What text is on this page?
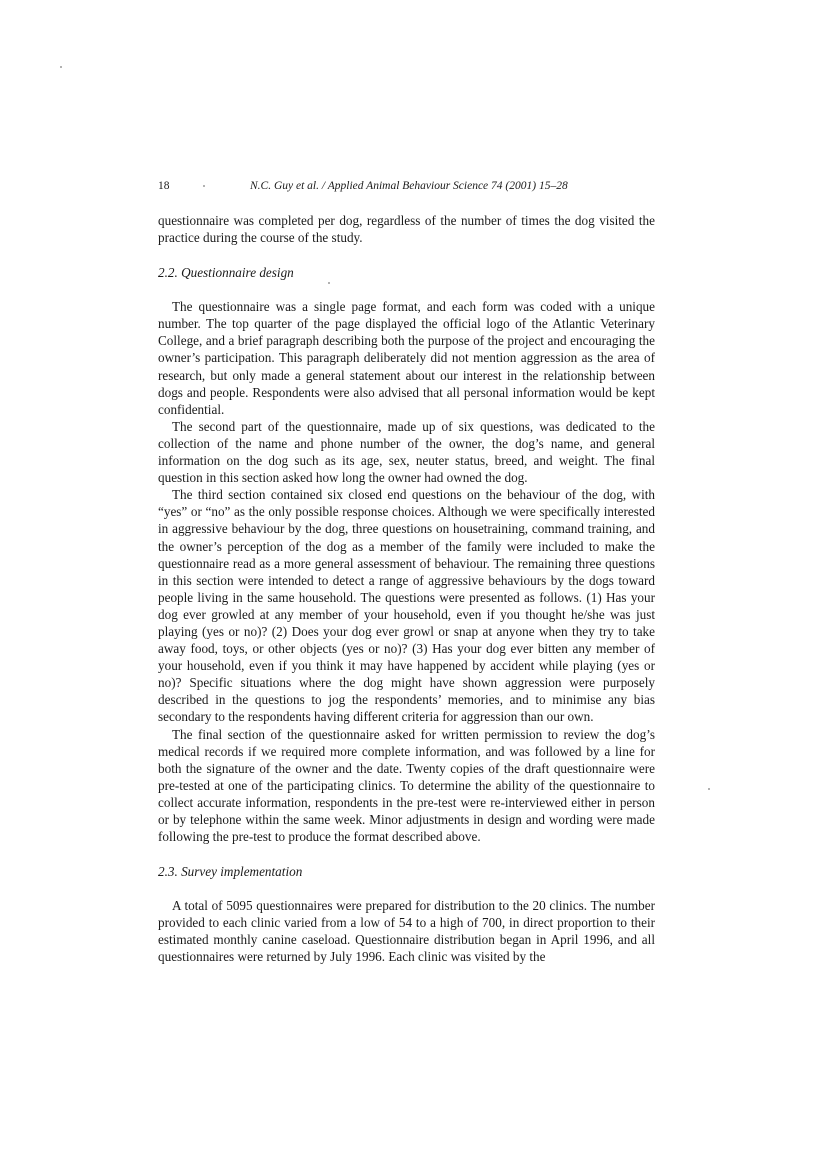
18	N.C. Guy et al. / Applied Animal Behaviour Science 74 (2001) 15–28

questionnaire was completed per dog, regardless of the number of times the dog visited the practice during the course of the study.

2.2. Questionnaire design

The questionnaire was a single page format, and each form was coded with a unique number. The top quarter of the page displayed the official logo of the Atlantic Veterinary College, and a brief paragraph describing both the purpose of the project and encouraging the owner’s participation. This paragraph deliberately did not mention aggression as the area of research, but only made a general statement about our interest in the relationship between dogs and people. Respondents were also advised that all personal information would be kept confidential.

The second part of the questionnaire, made up of six questions, was dedicated to the collection of the name and phone number of the owner, the dog’s name, and general information on the dog such as its age, sex, neuter status, breed, and weight. The final question in this section asked how long the owner had owned the dog.

The third section contained six closed end questions on the behaviour of the dog, with “yes” or “no” as the only possible response choices. Although we were specifically interested in aggressive behaviour by the dog, three questions on housetraining, command training, and the owner’s perception of the dog as a member of the family were included to make the questionnaire read as a more general assessment of behaviour. The remaining three questions in this section were intended to detect a range of aggressive behaviours by the dogs toward people living in the same household. The questions were presented as follows. (1) Has your dog ever growled at any member of your household, even if you thought he/she was just playing (yes or no)? (2) Does your dog ever growl or snap at anyone when they try to take away food, toys, or other objects (yes or no)? (3) Has your dog ever bitten any member of your household, even if you think it may have happened by accident while playing (yes or no)? Specific situations where the dog might have shown aggression were purposely described in the questions to jog the respondents’ memories, and to minimise any bias secondary to the respondents having different criteria for aggression than our own.

The final section of the questionnaire asked for written permission to review the dog’s medical records if we required more complete information, and was followed by a line for both the signature of the owner and the date. Twenty copies of the draft questionnaire were pre-tested at one of the participating clinics. To determine the ability of the questionnaire to collect accurate information, respondents in the pre-test were re-interviewed either in person or by telephone within the same week. Minor adjustments in design and wording were made following the pre-test to produce the format described above.

2.3. Survey implementation

A total of 5095 questionnaires were prepared for distribution to the 20 clinics. The number provided to each clinic varied from a low of 54 to a high of 700, in direct proportion to their estimated monthly canine caseload. Questionnaire distribution began in April 1996, and all questionnaires were returned by July 1996. Each clinic was visited by the
